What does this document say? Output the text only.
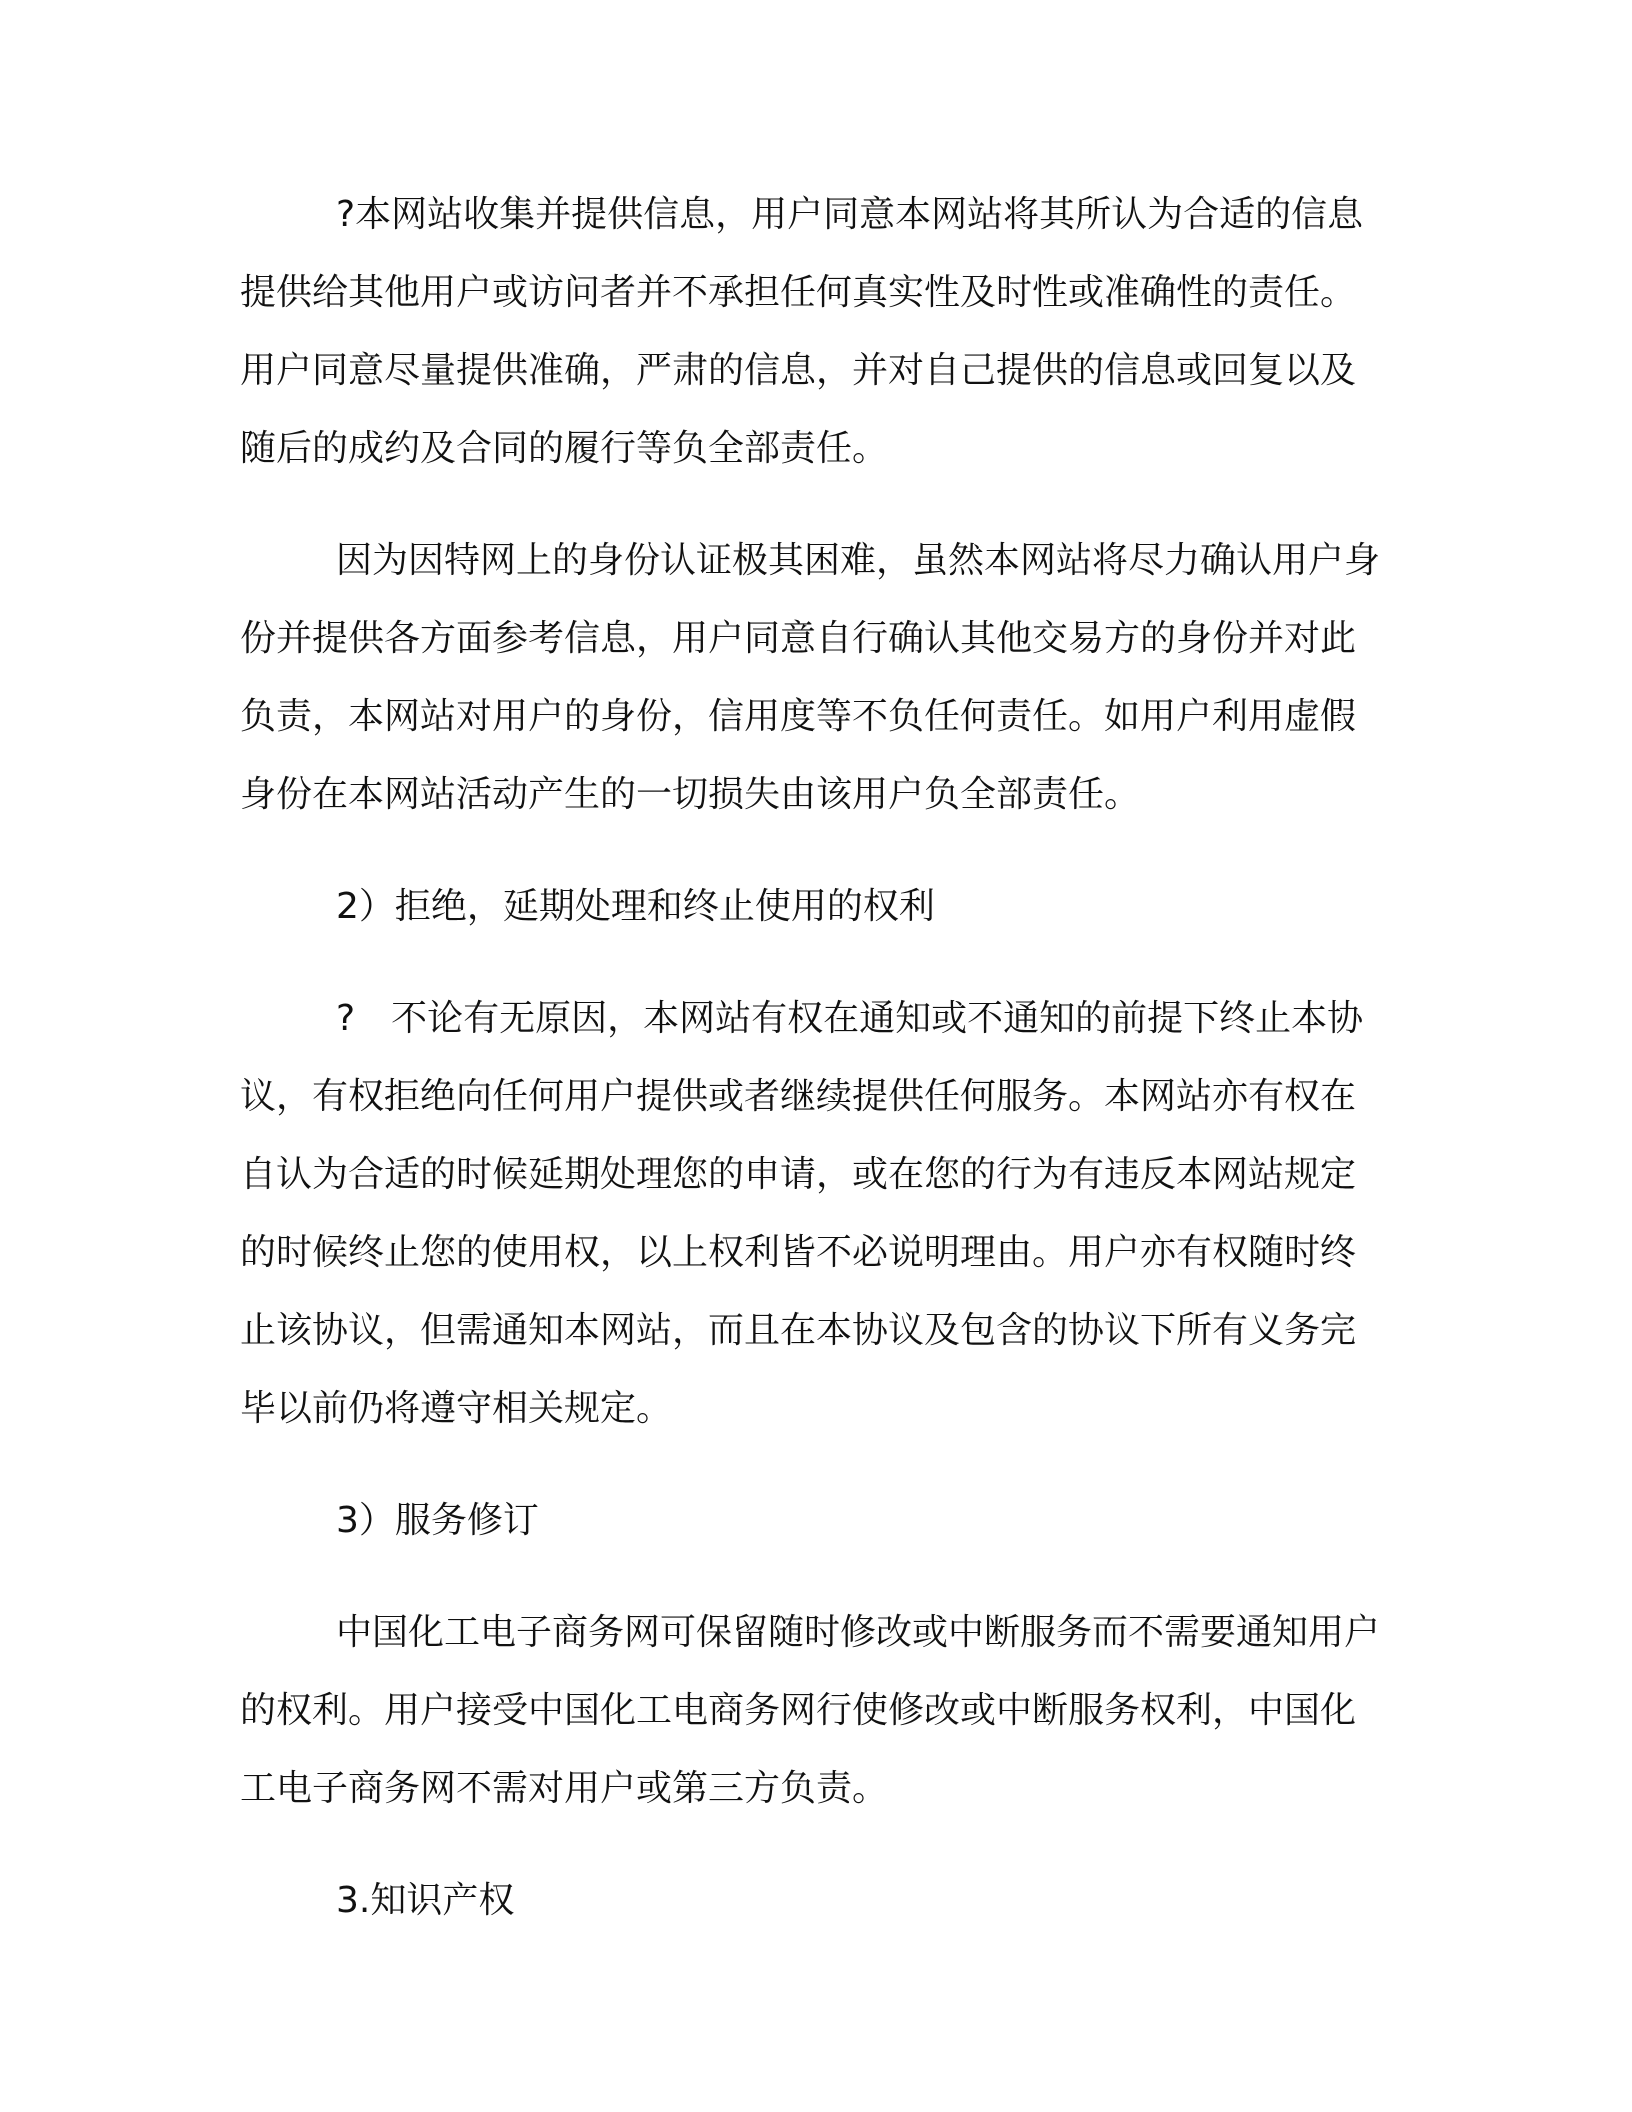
?本网站收集并提供信息，用户同意本网站将其所认为合适的信息提供给其他用户或访问者并不承担任何真实性及时性或准确性的责任。用户同意尽量提供准确，严肃的信息，并对自己提供的信息或回复以及随后的成约及合同的履行等负全部责任。

因为因特网上的身份认证极其困难，虽然本网站将尽力确认用户身份并提供各方面参考信息，用户同意自行确认其他交易方的身份并对此负责，本网站对用户的身份，信用度等不负任何责任。如用户利用虚假身份在本网站活动产生的一切损失由该用户负全部责任。

2）拒绝，延期处理和终止使用的权利

?　不论有无原因，本网站有权在通知或不通知的前提下终止本协议，有权拒绝向任何用户提供或者继续提供任何服务。本网站亦有权在自认为合适的时候延期处理您的申请，或在您的行为有违反本网站规定的时候终止您的使用权，以上权利皆不必说明理由。用户亦有权随时终止该协议，但需通知本网站，而且在本协议及包含的协议下所有义务完毕以前仍将遵守相关规定。

3）服务修订

中国化工电子商务网可保留随时修改或中断服务而不需要通知用户的权利。用户接受中国化工电商务网行使修改或中断服务权利，中国化工电子商务网不需对用户或第三方负责。

3.知识产权
